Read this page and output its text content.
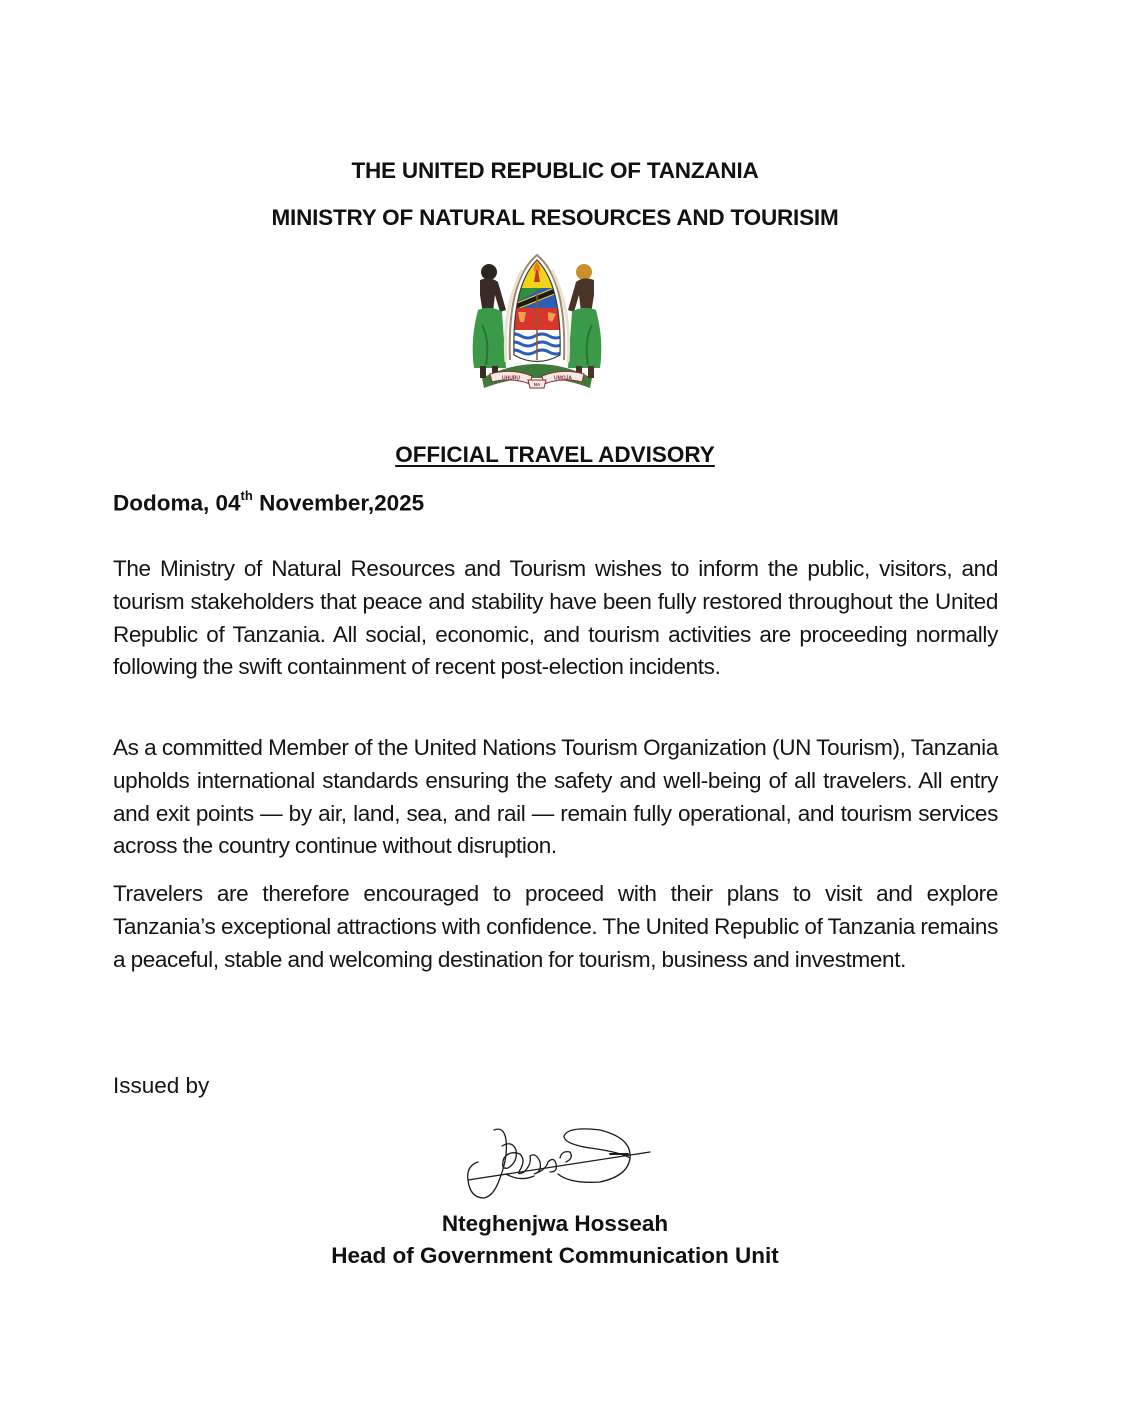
THE UNITED REPUBLIC OF TANZANIA
MINISTRY OF NATURAL RESOURCES AND TOURISIM
UHURU
NA
UMOJA
OFFICIAL TRAVEL ADVISORY
Dodoma, 04th November,2025
The Ministry of Natural Resources and Tourism wishes to inform the public, visitors, and tourism stakeholders that peace and stability have been fully restored throughout the United Republic of Tanzania. All social, economic, and tourism activities are proceeding normally following the swift containment of recent post-election incidents.
As a committed Member of the United Nations Tourism Organization (UN Tourism), Tanzania upholds international standards ensuring the safety and well-being of all travelers. All entry and exit points — by air, land, sea, and rail — remain fully operational, and tourism services across the country continue without disruption.
Travelers are therefore encouraged to proceed with their plans to visit and explore Tanzania’s exceptional attractions with confidence. The United Republic of Tanzania remains a peaceful, stable and welcoming destination for tourism, business and investment.
Issued by
Nteghenjwa Hosseah
Head of Government Communication Unit
